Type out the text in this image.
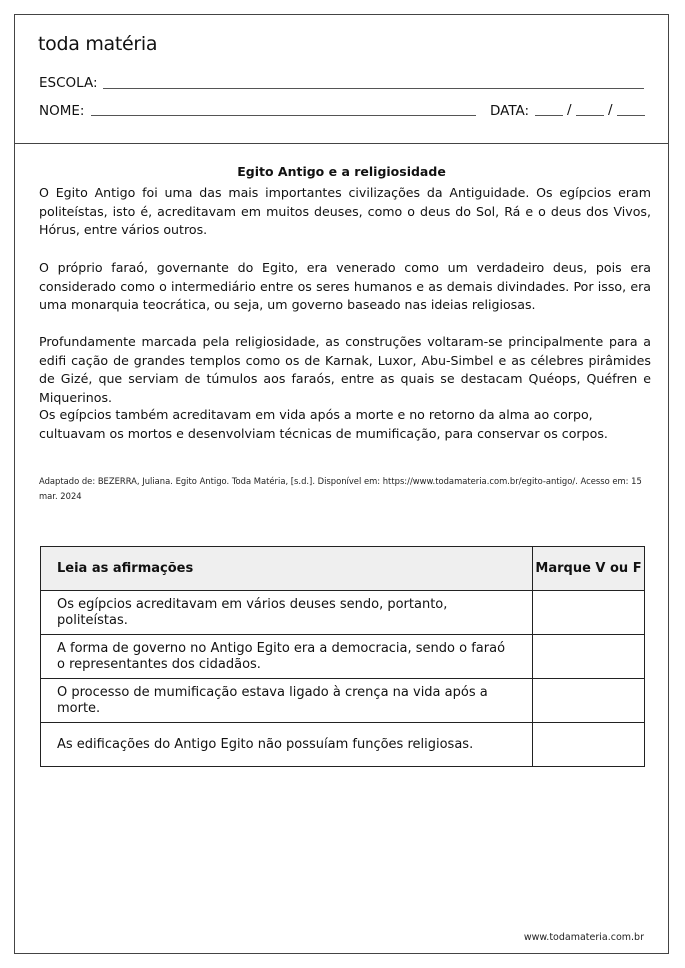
toda matéria
ESCOLA:
NOME:	DATA:	/	/
Egito Antigo e a religiosidade
O Egito Antigo foi uma das mais importantes civilizações da Antiguidade. Os egípcios eram politeístas, isto é, acreditavam em muitos deuses, como o deus do Sol, Rá e o deus dos Vivos, Hórus, entre vários outros.
O próprio faraó, governante do Egito, era venerado como um verdadeiro deus, pois era considerado como o intermediário entre os seres humanos e as demais divindades. Por isso, era uma monarquia teocrática, ou seja, um governo baseado nas ideias religiosas.
Profundamente marcada pela religiosidade, as construções voltaram-se principalmente para a edifi cação de grandes templos como os de Karnak, Luxor, Abu-Simbel e as célebres pirâmides de Gizé, que serviam de túmulos aos faraós, entre as quais se destacam Quéops, Quéfren e Miquerinos.
Os egípcios também acreditavam em vida após a morte e no retorno da alma ao corpo, cultuavam os mortos e desenvolviam técnicas de mumificação, para conservar os corpos.
Adaptado de: BEZERRA, Juliana. Egito Antigo. Toda Matéria, [s.d.]. Disponível em: https://www.todamateria.com.br/egito-antigo/. Acesso em: 15 mar. 2024
Leia as afirmações	Marque V ou F
Os egípcios acreditavam em vários deuses sendo, portanto, politeístas.	
A forma de governo no Antigo Egito era a democracia, sendo o faraó o representantes dos cidadãos.	
O processo de mumificação estava ligado à crença na vida após a morte.	
As edificações do Antigo Egito não possuíam funções religiosas.	
www.todamateria.com.br
